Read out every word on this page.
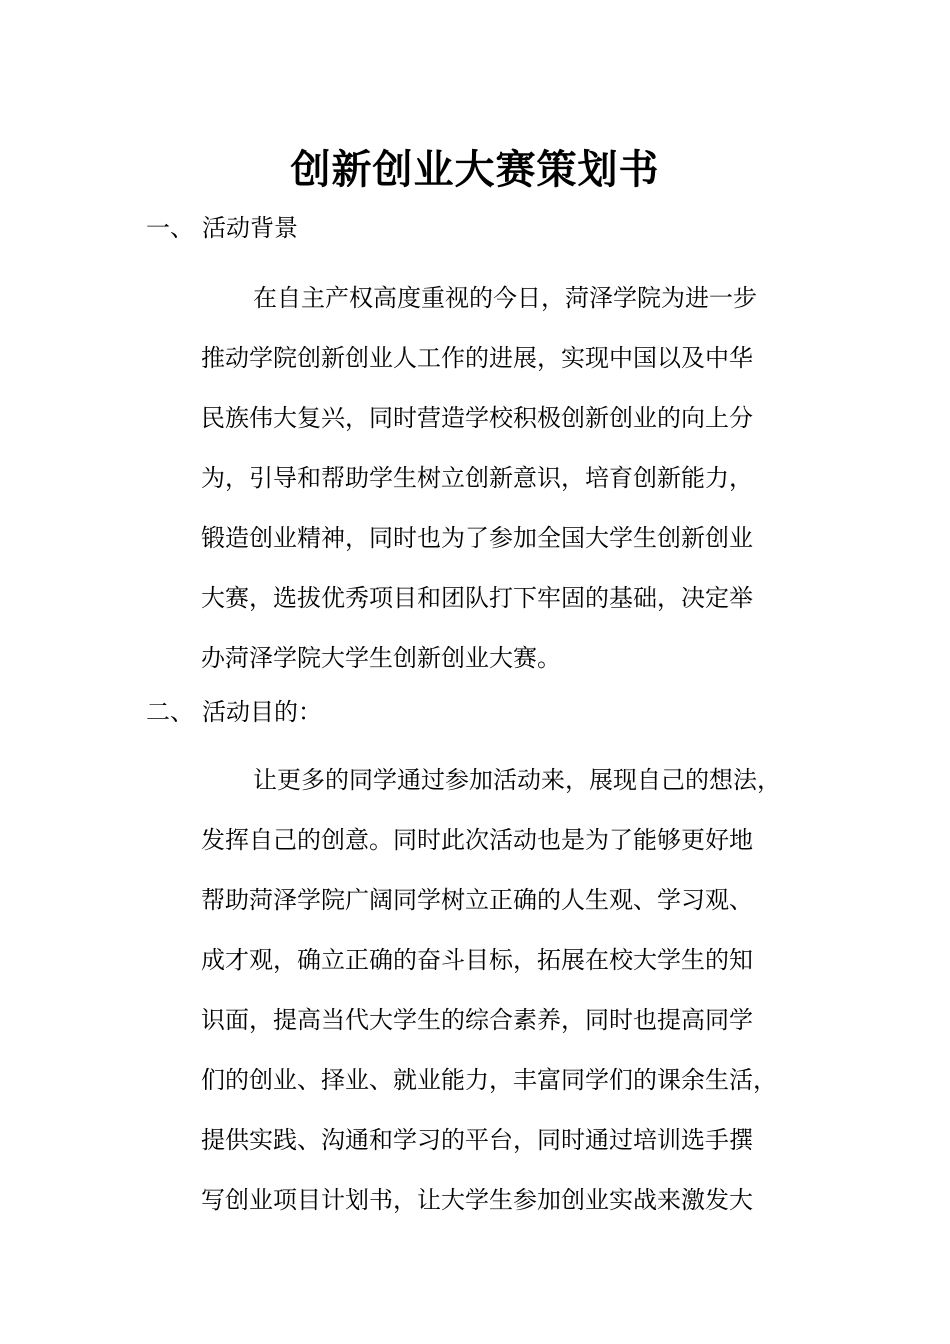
创新创业大赛策划书
一、 活动背景
在自主产权高度重视的今日，菏泽学院为进一步
推动学院创新创业人工作的进展，实现中国以及中华
民族伟大复兴，同时营造学校积极创新创业的向上分
为，引导和帮助学生树立创新意识，培育创新能力，
锻造创业精神，同时也为了参加全国大学生创新创业
大赛，选拔优秀项目和团队打下牢固的基础，决定举
办菏泽学院大学生创新创业大赛。
二、 活动目的：
让更多的同学通过参加活动来，展现自己的想法，
发挥自己的创意。同时此次活动也是为了能够更好地
帮助菏泽学院广阔同学树立正确的人生观、学习观、
成才观，确立正确的奋斗目标，拓展在校大学生的知
识面，提高当代大学生的综合素养，同时也提高同学
们的创业、择业、就业能力，丰富同学们的课余生活，
提供实践、沟通和学习的平台，同时通过培训选手撰
写创业项目计划书，让大学生参加创业实战来激发大
